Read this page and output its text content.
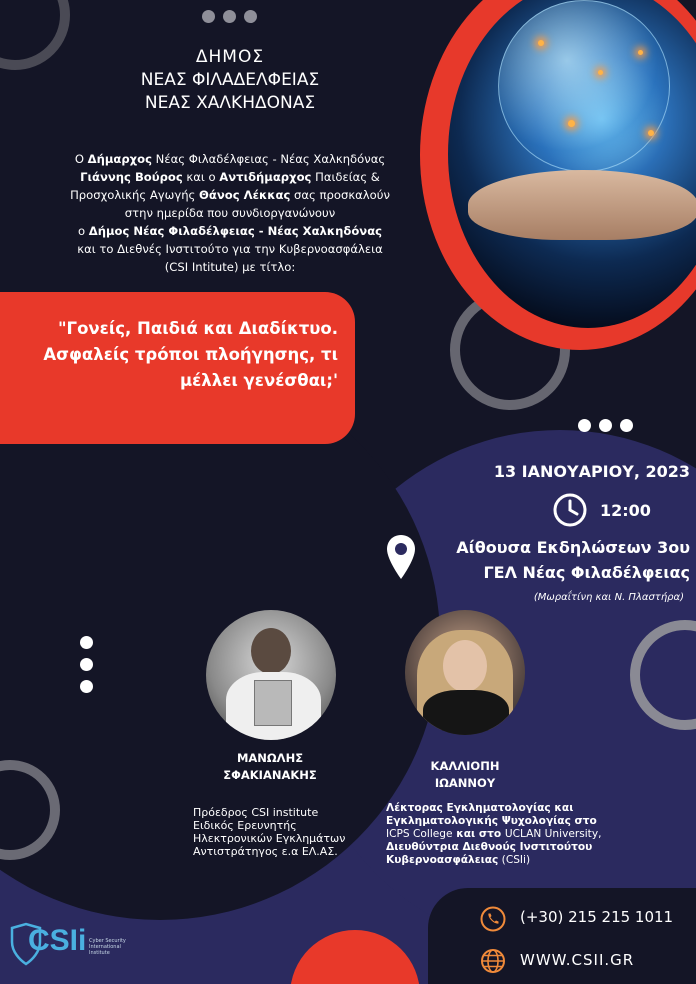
ΔΗΜΟΣ
ΝΕΑΣ ΦΙΛΑΔΕΛΦΕΙΑΣ
ΝΕΑΣ ΧΑΛΚΗΔΟΝΑΣ
Ο Δήμαρχος Νέας Φιλαδέλφειας - Νέας Χαλκηδόνας
Γιάννης Βούρος και ο Αντιδήμαρχος Παιδείας &
Προσχολικής Αγωγής Θάνος Λέκκας σας προσκαλούν
στην ημερίδα που συνδιοργανώνουν
ο Δήμος Νέας Φιλαδέλφειας - Νέας Χαλκηδόνας
και το Διεθνές Ινστιτούτο για την Κυβερνοασφάλεια
(CSI Intitute) με τίτλο:
"Γονείς, Παιδιά και Διαδίκτυο.
Ασφαλείς τρόποι πλοήγησης, τι
μέλλει γενέσθαι;'
13 ΙΑΝΟΥΑΡΙΟΥ, 2023
12:00
Αίθουσα Εκδηλώσεων 3ου
ΓΕΛ Νέας Φιλαδέλφειας
(Μωραΐτίνη και Ν. Πλαστήρα)
ΜΑΝΩΛΗΣ
ΣΦΑΚΙΑΝΑΚΗΣ
ΚΑΛΛΙΟΠΗ
ΙΩΑΝΝΟΥ
Πρόεδρος CSI institute
Ειδικός Ερευνητής
Ηλεκτρονικών Εγκλημάτων
Αντιστράτηγος ε.α ΕΛ.ΑΣ.
Λέκτορας Εγκληματολογίας και
Εγκληματολογικής Ψυχολογίας στο
ICPS College και στο UCLAN University,
Διευθύντρια Διεθνούς Ινστιτούτου
Κυβερνοασφάλειας (CSIi)
(+30) 215 215 1011
WWW.CSII.GR
CSIi Cyber Security
International
Institute
